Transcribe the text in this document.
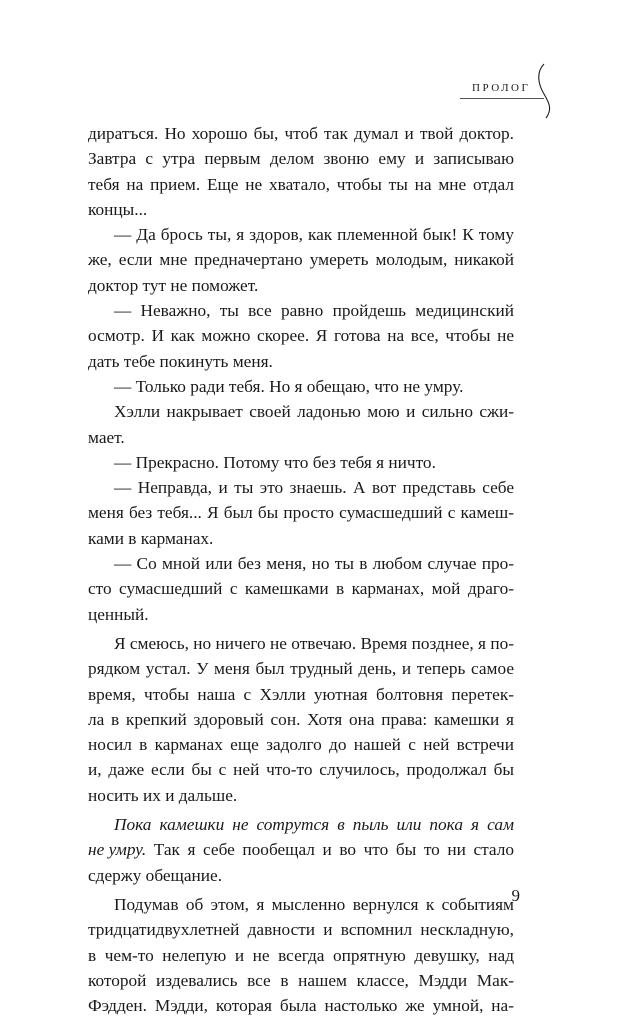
ПРОЛОГ
диратъся. Но хорошо бы, чтоб так думал и твой доктор.
Завтра с утра первым делом звоню ему и записываю
тебя на прием. Еще не хватало, чтобы ты на мне отдал
концы...
— Да брось ты, я здоров, как племенной бык! К тому
же, если мне предначертано умереть молодым, никакой
доктор тут не поможет.
— Неважно, ты все равно пройдешь медицинский
осмотр. И как можно скорее. Я готова на все, чтобы не
дать тебе покинуть меня.
— Только ради тебя. Но я обещаю, что не умру.
Хэлли накрывает своей ладонью мою и сильно сжи-
мает.
— Прекрасно. Потому что без тебя я ничто.
— Неправда, и ты это знаешь. А вот представь себе
меня без тебя... Я был бы просто сумасшедший с камеш-
ками в карманах.
— Со мной или без меня, но ты в любом случае про-
сто сумасшедший с камешками в карманах, мой драго-
ценный.
Я смеюсь, но ничего не отвечаю. Время позднее, я по-
рядком устал. У меня был трудный день, и теперь самое
время, чтобы наша с Хэлли уютная болтовня перетек-
ла в крепкий здоровый сон. Хотя она права: камешки я
носил в карманах еще задолго до нашей с ней встречи
и, даже если бы с ней что-то случилось, продолжал бы
носить их и дальше.
Пока камешки не сотрутся в пыль или пока я сам
не умру. Так я себе пообещал и во что бы то ни стало
сдержу обещание.
Подумав об этом, я мысленно вернулся к событиям
тридцатидвухлетней давности и вспомнил нескладную,
в чем-то нелепую и не всегда опрятную девушку, над
которой издевались все в нашем классе, Мэдди Мак-
Фэдден. Мэдди, которая была настолько же умной, на-
9
